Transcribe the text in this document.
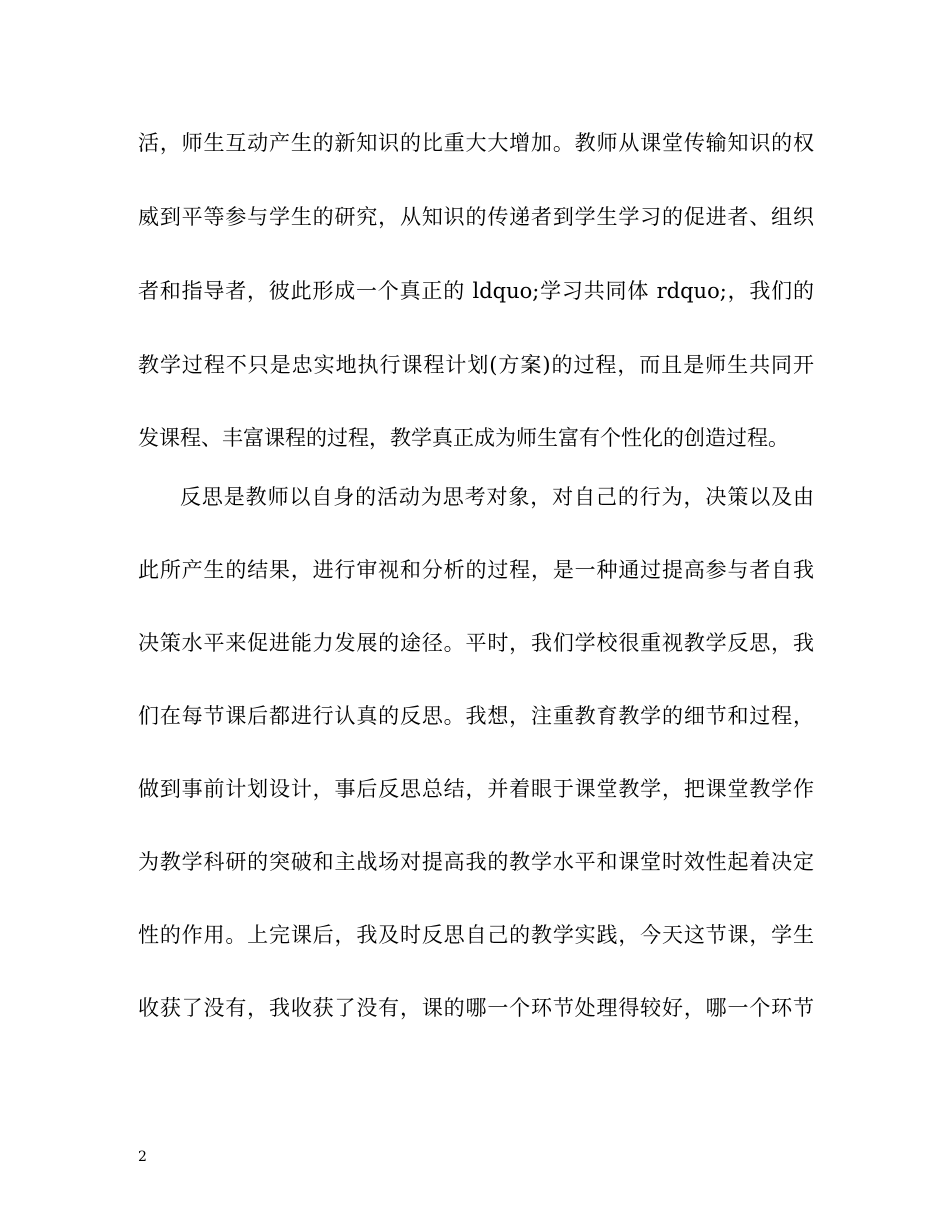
活，师生互动产生的新知识的比重大大增加。教师从课堂传输知识的权
威到平等参与学生的研究，从知识的传递者到学生学习的促进者、组织
者和指导者，彼此形成一个真正的 ldquo;学习共同体 rdquo;，我们的
教学过程不只是忠实地执行课程计划(方案)的过程，而且是师生共同开
发课程、丰富课程的过程，教学真正成为师生富有个性化的创造过程。
反思是教师以自身的活动为思考对象，对自己的行为，决策以及由
此所产生的结果，进行审视和分析的过程，是一种通过提高参与者自我
决策水平来促进能力发展的途径。平时，我们学校很重视教学反思，我
们在每节课后都进行认真的反思。我想，注重教育教学的细节和过程，
做到事前计划设计，事后反思总结，并着眼于课堂教学，把课堂教学作
为教学科研的突破和主战场对提高我的教学水平和课堂时效性起着决定
性的作用。上完课后，我及时反思自己的教学实践，今天这节课，学生
收获了没有，我收获了没有，课的哪一个环节处理得较好，哪一个环节
2
